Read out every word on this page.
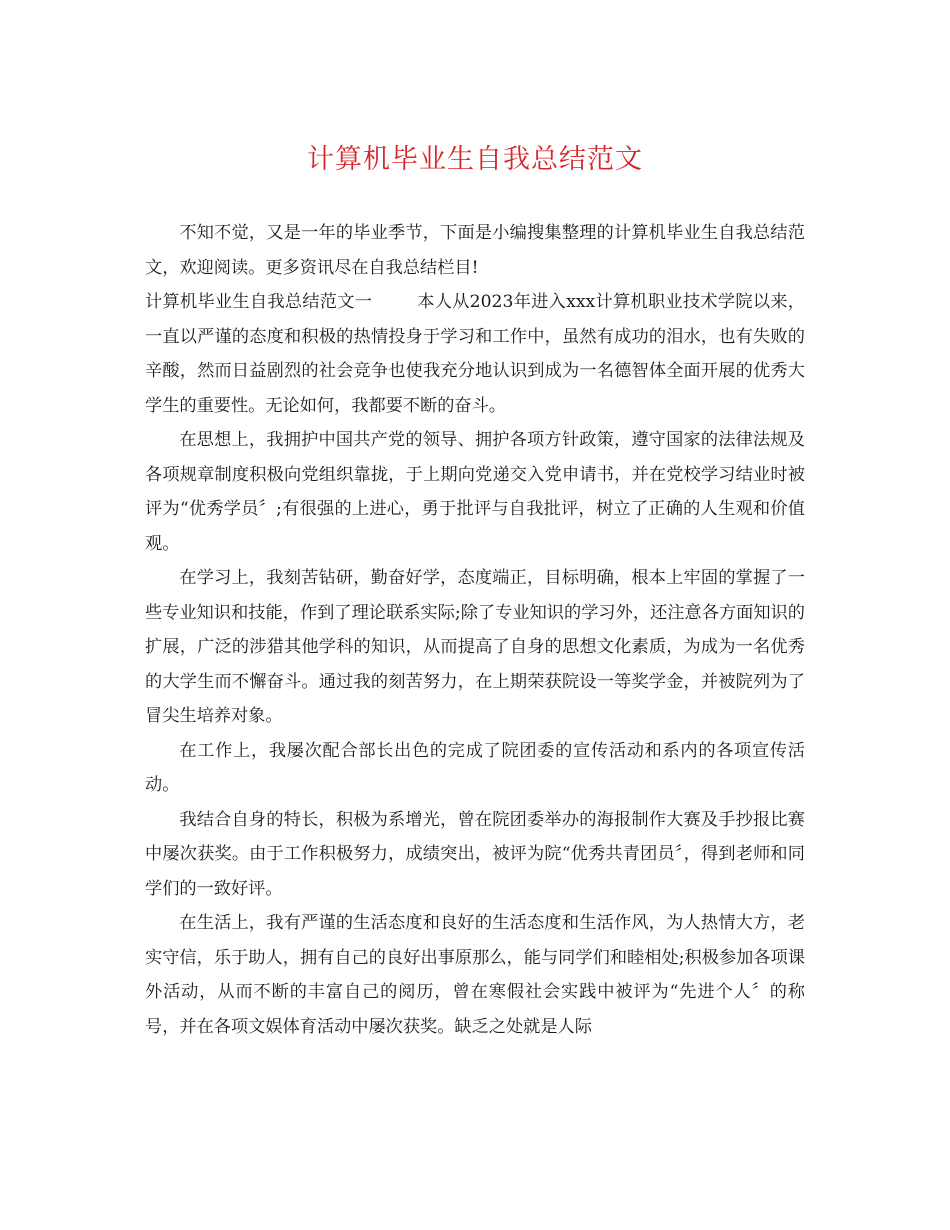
计算机毕业生自我总结范文

不知不觉，又是一年的毕业季节，下面是小编搜集整理的计算机毕业生自我总结范文，欢迎阅读。更多资讯尽在自我总结栏目!

计算机毕业生自我总结范文一	本人从2023年进入xxx计算机职业技术学院以来，一直以严谨的态度和积极的热情投身于学习和工作中，虽然有成功的泪水，也有失败的辛酸，然而日益剧烈的社会竞争也使我充分地认识到成为一名德智体全面开展的优秀大学生的重要性。无论如何，我都要不断的奋斗。

在思想上，我拥护中国共产党的领导、拥护各项方针政策，遵守国家的法律法规及各项规章制度积极向党组织靠拢，于上期向党递交入党申请书，并在党校学习结业时被评为“优秀学员〞;有很强的上进心，勇于批评与自我批评，树立了正确的人生观和价值观。

在学习上，我刻苦钻研，勤奋好学，态度端正，目标明确，根本上牢固的掌握了一些专业知识和技能，作到了理论联系实际;除了专业知识的学习外，还注意各方面知识的扩展，广泛的涉猎其他学科的知识，从而提高了自身的思想文化素质，为成为一名优秀的大学生而不懈奋斗。通过我的刻苦努力，在上期荣获院设一等奖学金，并被院列为了冒尖生培养对象。

在工作上，我屡次配合部长出色的完成了院团委的宣传活动和系内的各项宣传活动。

我结合自身的特长，积极为系增光，曾在院团委举办的海报制作大赛及手抄报比赛中屡次获奖。由于工作积极努力，成绩突出，被评为院“优秀共青团员〞，得到老师和同学们的一致好评。

在生活上，我有严谨的生活态度和良好的生活态度和生活作风，为人热情大方，老实守信，乐于助人，拥有自己的良好出事原那么，能与同学们和睦相处;积极参加各项课外活动，从而不断的丰富自己的阅历，曾在寒假社会实践中被评为“先进个人〞的称号，并在各项文娱体育活动中屡次获奖。缺乏之处就是人际
